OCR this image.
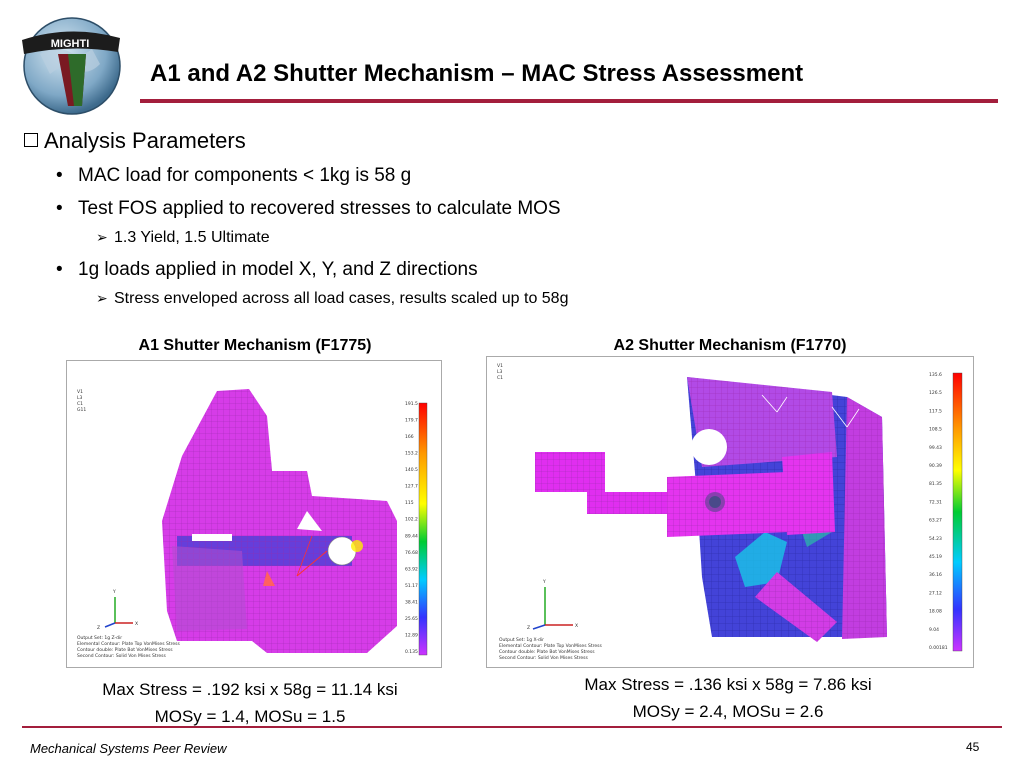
MIGHTI
A1 and A2 Shutter Mechanism – MAC Stress Assessment
Analysis Parameters
• MAC load for components < 1kg is 58 g
• Test FOS applied to recovered stresses to calculate MOS
➢ 1.3 Yield, 1.5 Ultimate
• 1g loads applied in model X, Y, and Z directions
➢ Stress enveloped across all load cases, results scaled up to 58g
A1 Shutter Mechanism (F1775)	A2 Shutter Mechanism (F1770)
V1
L3
C1
G11
Y
X
Z
191.5
179.7
166
153.2
140.5
127.7
115
102.2
89.44
76.68
63.92
51.17
38.41
25.65
12.89
0.135
Output Set: 1g Z-dir
Elemental Contour: Plate Top VonMises Stress
Contour double: Plate Bot VonMises Stress
Second Contour: Solid Von Mises Stress
V1
L3
C1
Y
X
Z
135.6
126.5
117.5
108.5
99.43
90.39
81.35
72.31
63.27
54.23
45.19
36.16
27.12
18.08
9.04
0.00181
Output Set: 1g X-dir
Elemental Contour: Plate Top VonMises Stress
Contour double: Plate Bot VonMises Stress
Second Contour: Solid Von Mises Stress
Max Stress = .192 ksi x 58g = 11.14 ksi
MOSy = 1.4, MOSu = 1.5
Max Stress = .136 ksi x 58g = 7.86 ksi
MOSy = 2.4, MOSu = 2.6
Mechanical Systems Peer Review	45
